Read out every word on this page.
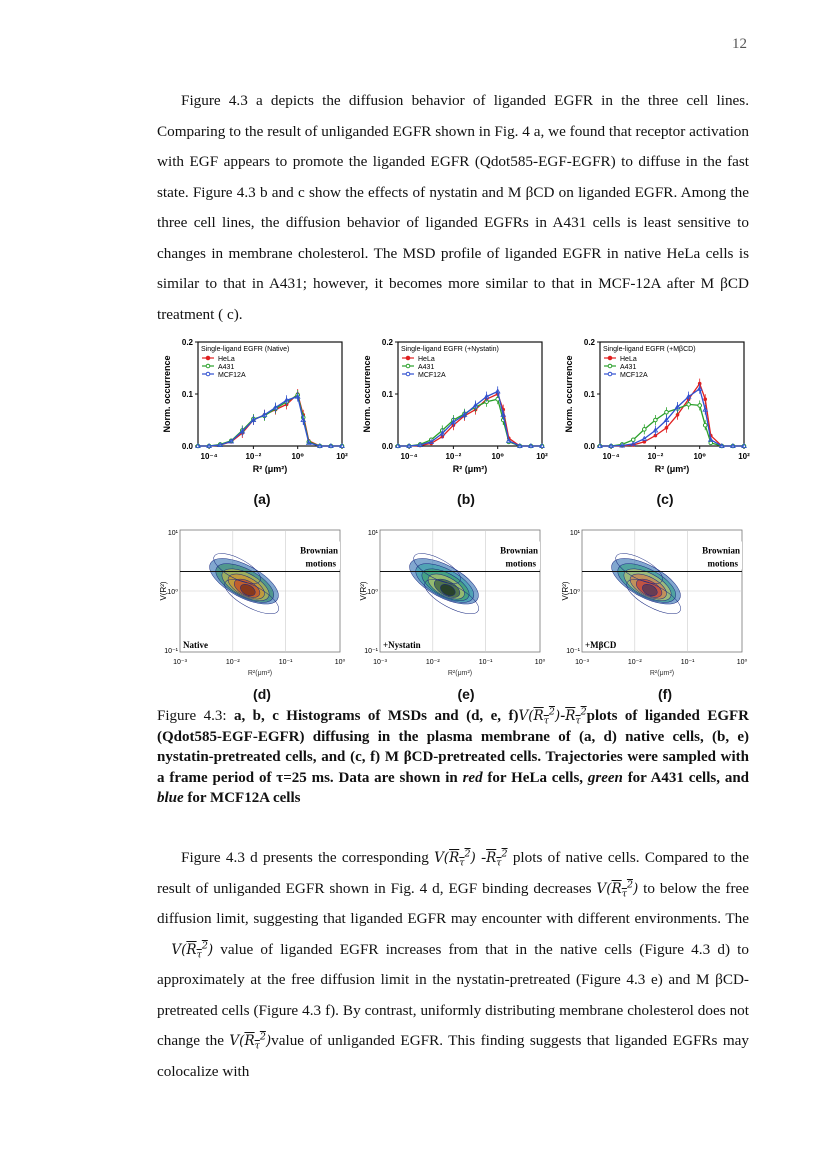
12

Figure 4.3 a depicts the diffusion behavior of liganded EGFR in the three cell lines. Comparing to the result of unliganded EGFR shown in Fig. 4 a, we found that receptor activation with EGF appears to promote the liganded EGFR (Qdot585-EGF-EGFR) to diffuse in the fast state. Figure 4.3 b and c show the effects of nystatin and M βCD on liganded EGFR. Among the three cell lines, the diffusion behavior of liganded EGFRs in A431 cells is least sensitive to changes in membrane cholesterol. The MSD profile of liganded EGFR in native HeLa cells is similar to that in A431; however, it becomes more similar to that in MCF-12A after M βCD treatment ( c).

Norm. occurrence
0.0
0.1
0.2
10⁻⁴	10⁻²	10⁰	10²
R² (μm²)
Single-ligand EGFR (Native)
HeLa
A431
MCF12A	Norm. occurrence
0.0
0.1
0.2
10⁻⁴	10⁻²	10⁰	10²
R² (μm²)
Single-ligand EGFR (+Nystatin)
HeLa
A431
MCF12A	Norm. occurrence
0.0
0.1
0.2
10⁻⁴	10⁻²	10⁰	10²
R² (μm²)
Single-ligand EGFR (+MβCD)
HeLa
A431
MCF12A
(a)	(b)	(c)
Brownian
motions
Native
10¹
10⁰
10⁻¹
V(R²)
10⁻³	10⁻²	10⁻¹	10⁰
R²(μm²)
Brownian
motions
+Nystatin
10¹
10⁰
10⁻¹
V(R²)
10⁻³	10⁻²	10⁻¹	10⁰
R²(μm²)
Brownian
motions
+MβCD
10¹
10⁰
10⁻¹
V(R²)
10⁻³	10⁻²	10⁻¹	10⁰
R²(μm²)
(d)	(e)	(f)

Figure 4.3: a, b, c Histograms of MSDs and (d, e, $f)V(R_\tau^2)-R_\tau^2plots$ of liganded EGFR (Qdot585-EGF-EGFR) diffusing in the plasma membrane of (a, d) native cells, (b, e) nystatin-pretreated cells, and (c, f) M βCD-pretreated cells. Trajectories were sampled with a frame period of τ=25 ms. Data are shown in red for HeLa cells, green for A431 cells, and blue for MCF12A cells

Figure 4.3 d presents the corresponding $V(R_\tau^2)$ $-R_\tau^2$ plots of native cells. Compared to the result of unliganded EGFR shown in Fig. 4 d, EGF binding decreases $V(R_\tau^2)$ to below the free diffusion limit, suggesting that liganded EGFR may encounter with different environments. The   $V(R_\tau^2)$ value of liganded EGFR increases from that in the native cells (Figure 4.3 d) to approximately at the free diffusion limit in the nystatin-pretreated (Figure 4.3 e) and M βCD-pretreated cells (Figure 4.3 f). By contrast, uniformly distributing membrane cholesterol does not change the $V(R_\tau^2)value$ of unliganded EGFR. This finding suggests that liganded EGFRs may colocalize with
